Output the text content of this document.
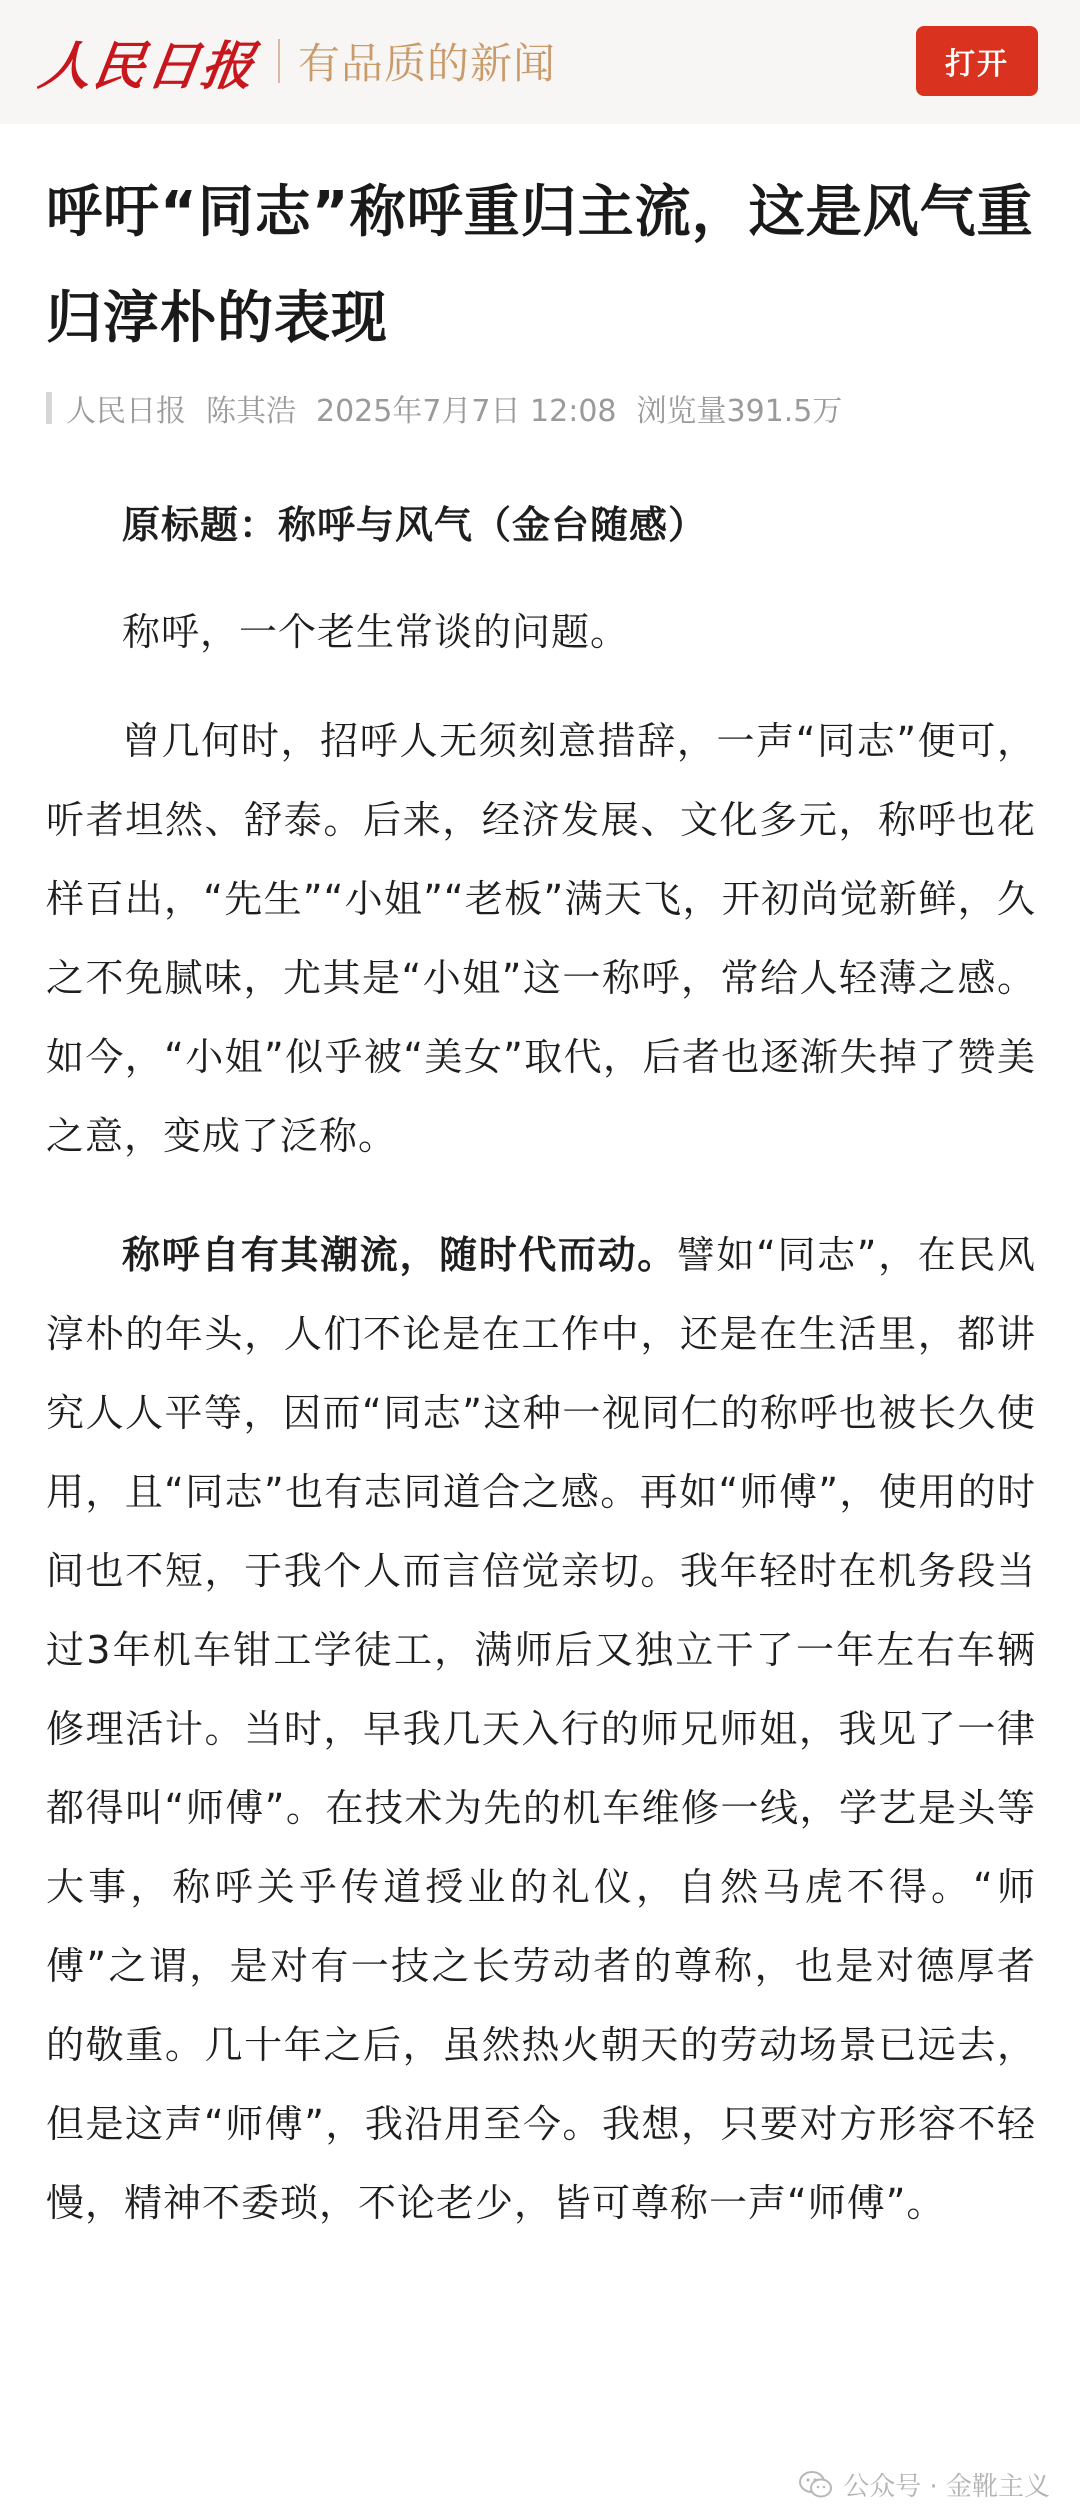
人民日报 有品质的新闻	打开
呼吁“同志”称呼重归主流，这是风气重归淳朴的表现
人民日报 陈其浩 2025年7月7日 12:08 浏览量391.5万

原标题：称呼与风气（金台随感）

称呼，一个老生常谈的问题。

曾几何时，招呼人无须刻意措辞，一声“同志”便可，听者坦然、舒泰。后来，经济发展、文化多元，称呼也花样百出，“先生”“小姐”“老板”满天飞，开初尚觉新鲜，久之不免腻味，尤其是“小姐”这一称呼，常给人轻薄之感。如今，“小姐”似乎被“美女”取代，后者也逐渐失掉了赞美之意，变成了泛称。

称呼自有其潮流，随时代而动。譬如“同志”，在民风淳朴的年头，人们不论是在工作中，还是在生活里，都讲究人人平等，因而“同志”这种一视同仁的称呼也被长久使用，且“同志”也有志同道合之感。再如“师傅”，使用的时间也不短，于我个人而言倍觉亲切。我年轻时在机务段当过3年机车钳工学徒工，满师后又独立干了一年左右车辆修理活计。当时，早我几天入行的师兄师姐，我见了一律都得叫“师傅”。在技术为先的机车维修一线，学艺是头等大事，称呼关乎传道授业的礼仪，自然马虎不得。“师傅”之谓，是对有一技之长劳动者的尊称，也是对德厚者的敬重。几十年之后，虽然热火朝天的劳动场景已远去，但是这声“师傅”，我沿用至今。我想，只要对方形容不轻慢，精神不委琐，不论老少，皆可尊称一声“师傅”。

公众号 · 金靴主义
